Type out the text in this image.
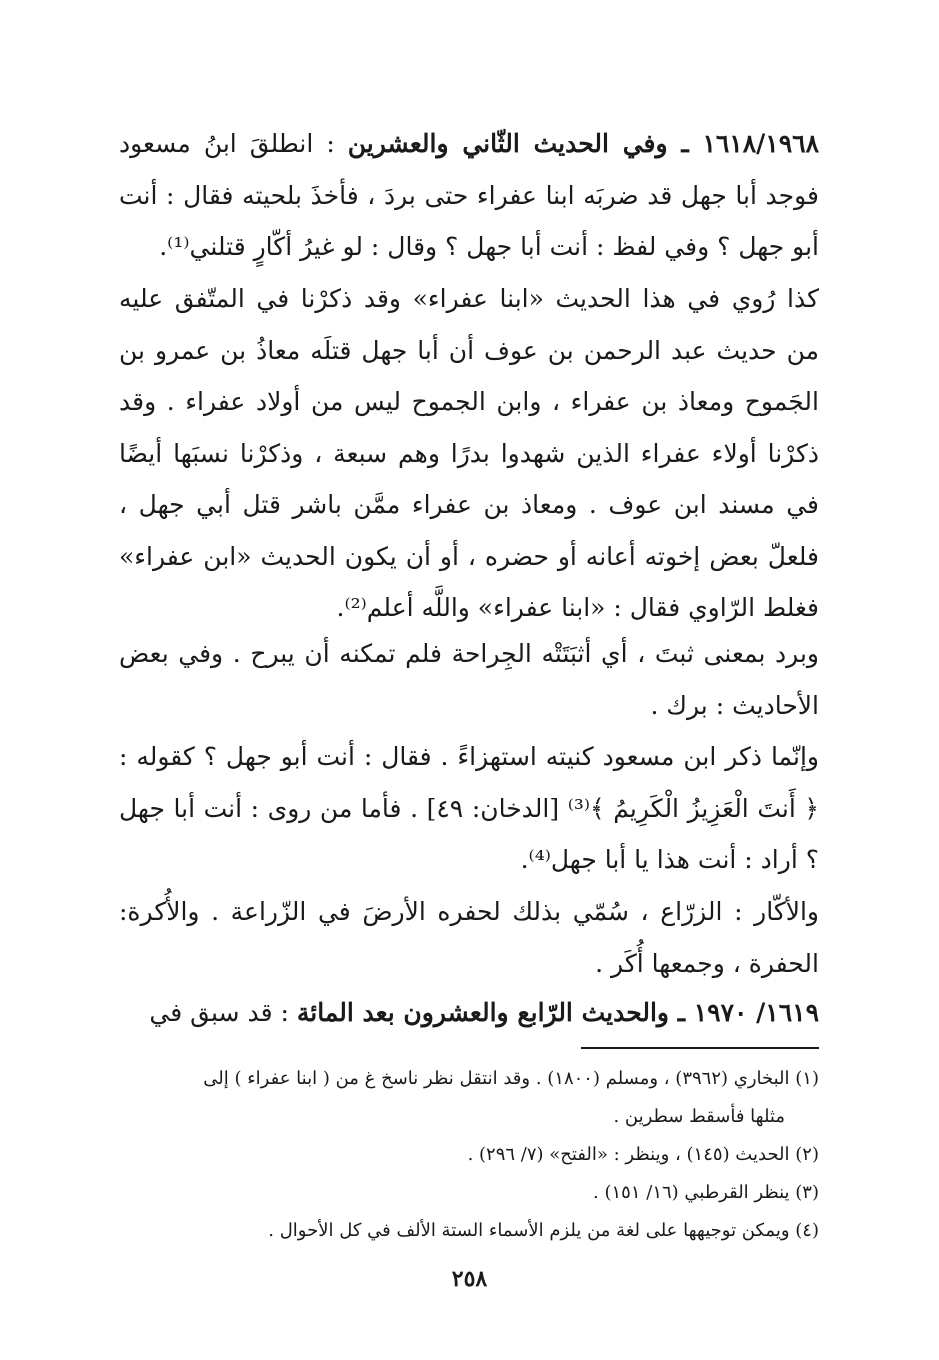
١٦١٨/١٩٦٨ ـ وفي الحديث الثّاني والعشرين : انطلقَ ابنُ مسعود فوجد أبا جهل قد ضربَه ابنا عفراء حتى بردَ ، فأخذَ بلحيته فقال : أنت أبو جهل ؟ وفي لفظ : أنت أبا جهل ؟ وقال : لو غيرُ أكّارٍ قتلني⁽¹⁾.

كذا رُوي في هذا الحديث «ابنا عفراء» وقد ذكرْنا في المتّفق عليه من حديث عبد الرحمن بن عوف أن أبا جهل قتلَه معاذُ بن عمرو بن الجَموح ومعاذ بن عفراء ، وابن الجموح ليس من أولاد عفراء . وقد ذكرْنا أولاء عفراء الذين شهدوا بدرًا وهم سبعة ، وذكرْنا نسبَها أيضًا في مسند ابن عوف . ومعاذ بن عفراء ممَّن باشر قتل أبي جهل ، فلعلّ بعض إخوته أعانه أو حضره ، أو أن يكون الحديث «ابن عفراء» فغلط الرّاوي فقال : «ابنا عفراء» واللَّه أعلم⁽²⁾.

وبرد بمعنى ثبتَ ، أي أثبَتَتْه الجِراحة فلم تمكنه أن يبرح . وفي بعض الأحاديث : برك .

وإنّما ذكر ابن مسعود كنيته استهزاءً . فقال : أنت أبو جهل ؟ كقوله : ﴿ أَنتَ الْعَزِيزُ الْكَرِيمُ ﴾⁽³⁾ [الدخان: ٤٩] . فأما من روى : أنت أبا جهل ؟ أراد : أنت هذا يا أبا جهل⁽⁴⁾.

والأكّار : الزرّاع ، سُمّي بذلك لحفره الأرضَ في الزّراعة . والأُكرة: الحفرة ، وجمعها أُكَر .

١٦١٩/ ١٩٧٠ ـ والحديث الرّابع والعشرون بعد المائة : قد سبق في

(١) البخاري (٣٩٦٢) ، ومسلم (١٨٠٠) . وقد انتقل نظر ناسخ غ من ( ابنا عفراء ) إلى
مثلها فأسقط سطرين .

(٢) الحديث (١٤٥) ، وينظر : «الفتح» (٧/ ٢٩٦) .

(٣) ينظر القرطبي (١٦/ ١٥١) .

(٤) ويمكن توجيهها على لغة من يلزم الأسماء الستة الألف في كل الأحوال .

٢٥٨
